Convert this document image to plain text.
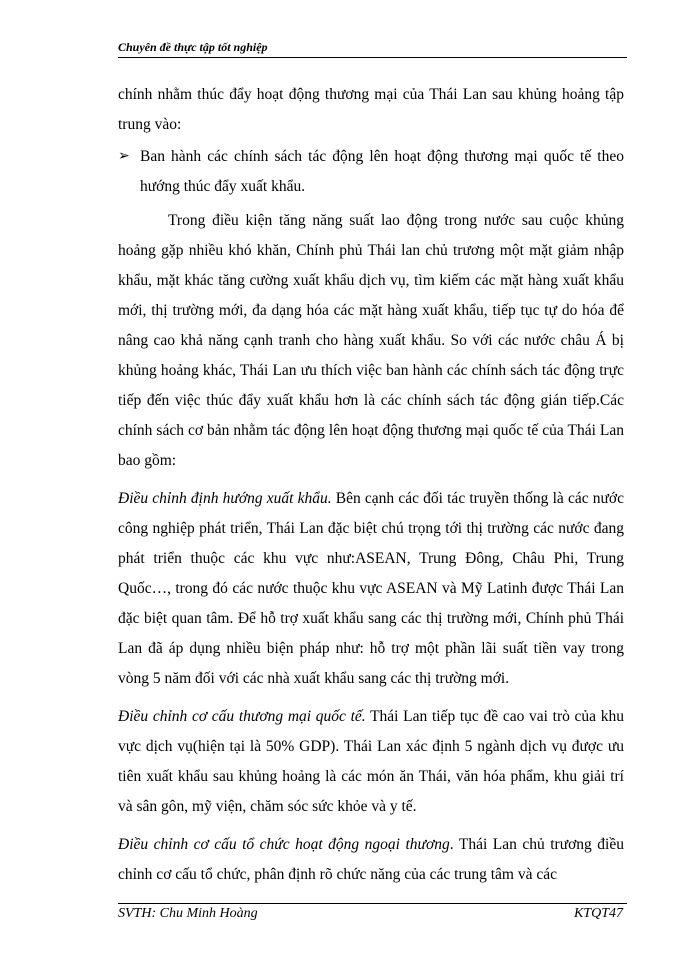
Chuyên đề thực tập tốt nghiệp

chính nhằm thúc đẩy hoạt động thương mại của Thái Lan sau khủng hoảng tập trung vào:

➢ Ban hành các chính sách tác động lên hoạt động thương mại quốc tế theo hướng thúc đẩy xuất khẩu.

Trong điều kiện tăng năng suất lao động trong nước sau cuộc khủng hoảng gặp nhiều khó khăn, Chính phủ Thái lan chủ trương một mặt giảm nhập khẩu, mặt khác tăng cường xuất khẩu dịch vụ, tìm kiếm các mặt hàng xuất khẩu mới, thị trường mới, đa dạng hóa các mặt hàng xuất khẩu, tiếp tục tự do hóa để nâng cao khả năng cạnh tranh cho hàng xuất khẩu. So với các nước châu Á bị khủng hoảng khác, Thái Lan ưu thích việc ban hành các chính sách tác động trực tiếp đến việc thúc đẩy xuất khẩu hơn là các chính sách tác động gián tiếp.Các chính sách cơ bản nhằm tác động lên hoạt động thương mại quốc tế của Thái Lan bao gồm:

Điều chỉnh định hướng xuất khẩu. Bên cạnh các đối tác truyền thống là các nước công nghiệp phát triển, Thái Lan đặc biệt chú trọng tới thị trường các nước đang phát triển thuộc các khu vực như:ASEAN, Trung Đông, Châu Phi, Trung Quốc…, trong đó các nước thuộc khu vực ASEAN và Mỹ Latinh được Thái Lan đặc biệt quan tâm. Để hỗ trợ xuất khẩu sang các thị trường mới, Chính phủ Thái Lan đã áp dụng nhiều biện pháp như: hỗ trợ một phần lãi suất tiền vay trong vòng 5 năm đối với các nhà xuất khẩu sang các thị trường mới.

Điều chỉnh cơ cấu thương mại quốc tế. Thái Lan tiếp tục đề cao vai trò của khu vực dịch vụ(hiện tại là 50% GDP). Thái Lan xác định 5 ngành dịch vụ được ưu tiên xuất khẩu sau khủng hoảng là các món ăn Thái, văn hóa phẩm, khu giải trí và sân gôn, mỹ viện, chăm sóc sức khỏe và y tế.

Điều chỉnh cơ cấu tổ chức hoạt động ngoại thương. Thái Lan chủ trương điều chỉnh cơ cấu tổ chức, phân định rõ chức năng của các trung tâm và các

SVTH: Chu Minh Hoàng	KTQT47
